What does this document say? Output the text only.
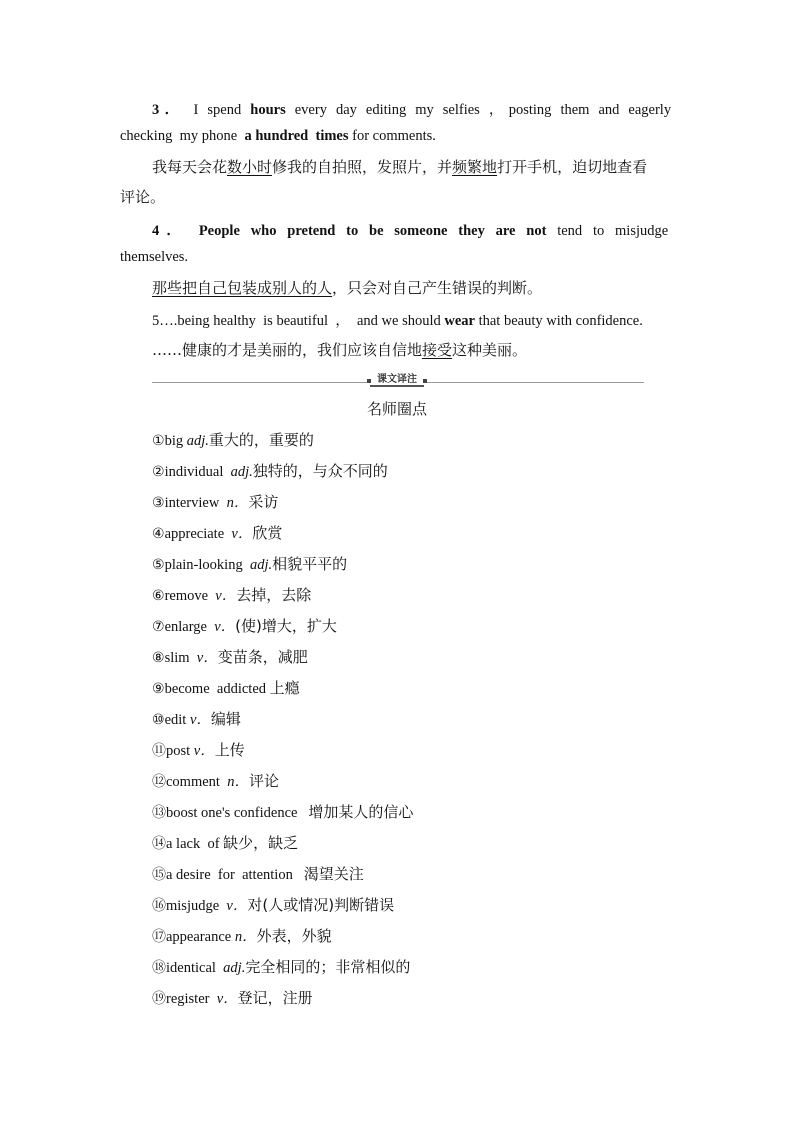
3． I spend hours every day editing my selfies ，posting them and eagerly
checking  my phone  a hundred  times for comments.
我每天会花数小时修我的自拍照，发照片，并频繁地打开手机，迫切地查看
评论。
4． People who pretend to be someone they are not tend to misjudge
themselves.
那些把自己包装成别人的人，只会对自己产生错误的判断。
5….being healthy  is beautiful  ，  and we should wear that beauty with confidence.
……健康的才是美丽的，我们应该自信地接受这种美丽。
课文译注
名师圈点
①big adj.重大的，重要的
②individual  adj.独特的，与众不同的
③interview  n．采访
④appreciate  v．欣赏
⑤plain-looking  adj.相貌平平的
⑥remove  v．去掉，去除
⑦enlarge  v．(使)增大，扩大
⑧slim  v．变苗条，减肥
⑨become  addicted 上瘾
⑩edit v．编辑
⑪post v．上传
⑫comment  n．评论
⑬boost one's confidence   增加某人的信心
⑭a lack  of 缺少，缺乏
⑮a desire  for  attention   渴望关注
⑯misjudge  v．对(人或情况)判断错误
⑰appearance n．外表，外貌
⑱identical  adj.完全相同的；非常相似的
⑲register  v．登记，注册
